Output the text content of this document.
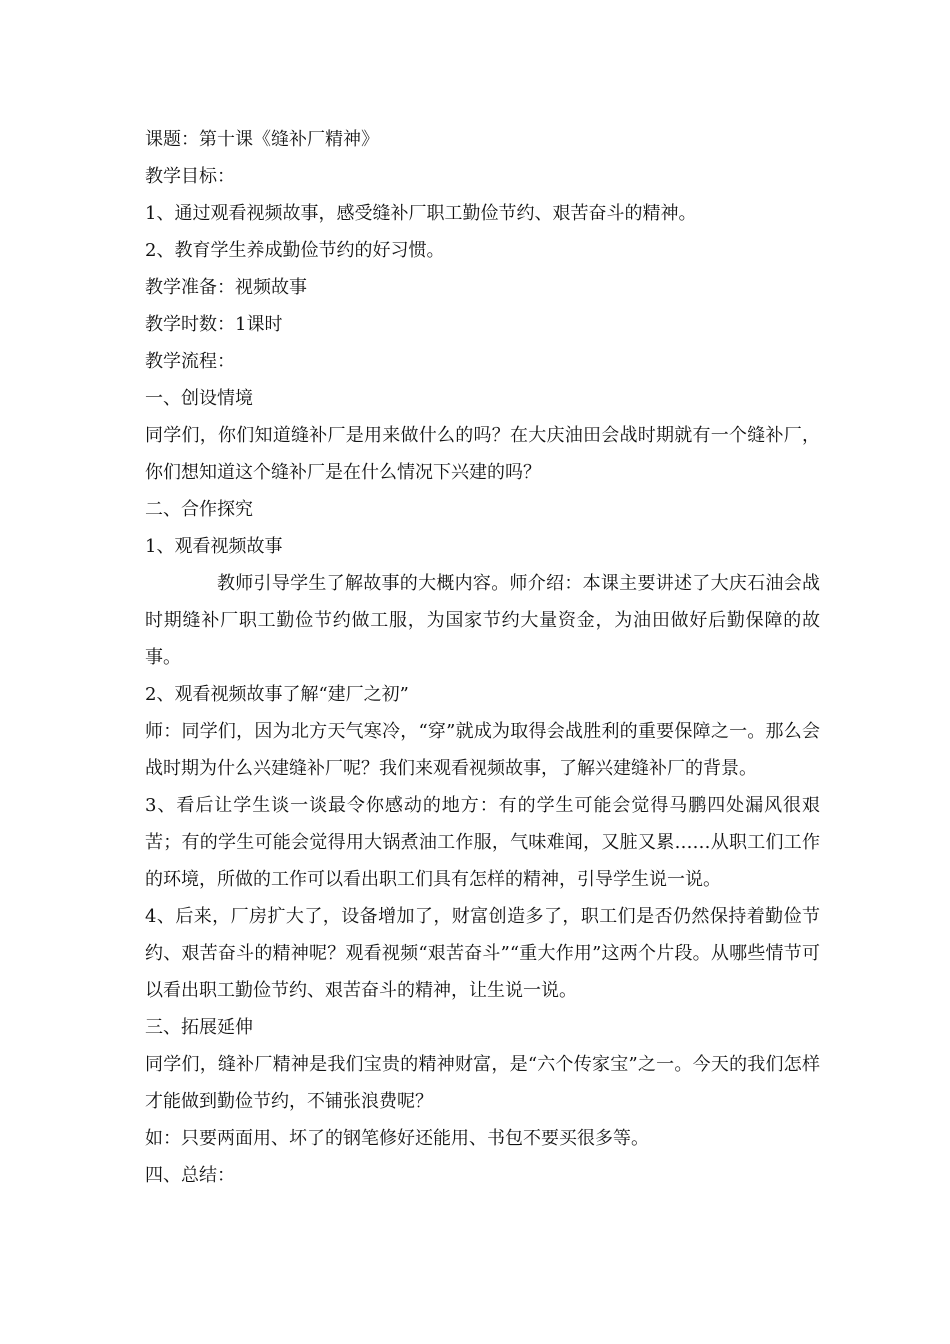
课题：第十课《缝补厂精神》

教学目标：

1、通过观看视频故事，感受缝补厂职工勤俭节约、艰苦奋斗的精神。

2、教育学生养成勤俭节约的好习惯。

教学准备：视频故事

教学时数：1课时

教学流程：

一、创设情境

同学们，你们知道缝补厂是用来做什么的吗？在大庆油田会战时期就有一个缝补厂，你们想知道这个缝补厂是在什么情况下兴建的吗？

二、合作探究

1、观看视频故事

教师引导学生了解故事的大概内容。师介绍：本课主要讲述了大庆石油会战时期缝补厂职工勤俭节约做工服，为国家节约大量资金，为油田做好后勤保障的故事。

2、观看视频故事了解“建厂之初”

师：同学们，因为北方天气寒冷，“穿”就成为取得会战胜利的重要保障之一。那么会战时期为什么兴建缝补厂呢？我们来观看视频故事，了解兴建缝补厂的背景。

3、看后让学生谈一谈最令你感动的地方：有的学生可能会觉得马鹏四处漏风很艰苦；有的学生可能会觉得用大锅煮油工作服，气味难闻，又脏又累……从职工们工作的环境，所做的工作可以看出职工们具有怎样的精神，引导学生说一说。

4、后来，厂房扩大了，设备增加了，财富创造多了，职工们是否仍然保持着勤俭节约、艰苦奋斗的精神呢？观看视频“艰苦奋斗”“重大作用”这两个片段。从哪些情节可以看出职工勤俭节约、艰苦奋斗的精神，让生说一说。

三、拓展延伸

同学们，缝补厂精神是我们宝贵的精神财富，是“六个传家宝”之一。今天的我们怎样才能做到勤俭节约，不铺张浪费呢？

如：只要两面用、坏了的钢笔修好还能用、书包不要买很多等。

四、总结：
